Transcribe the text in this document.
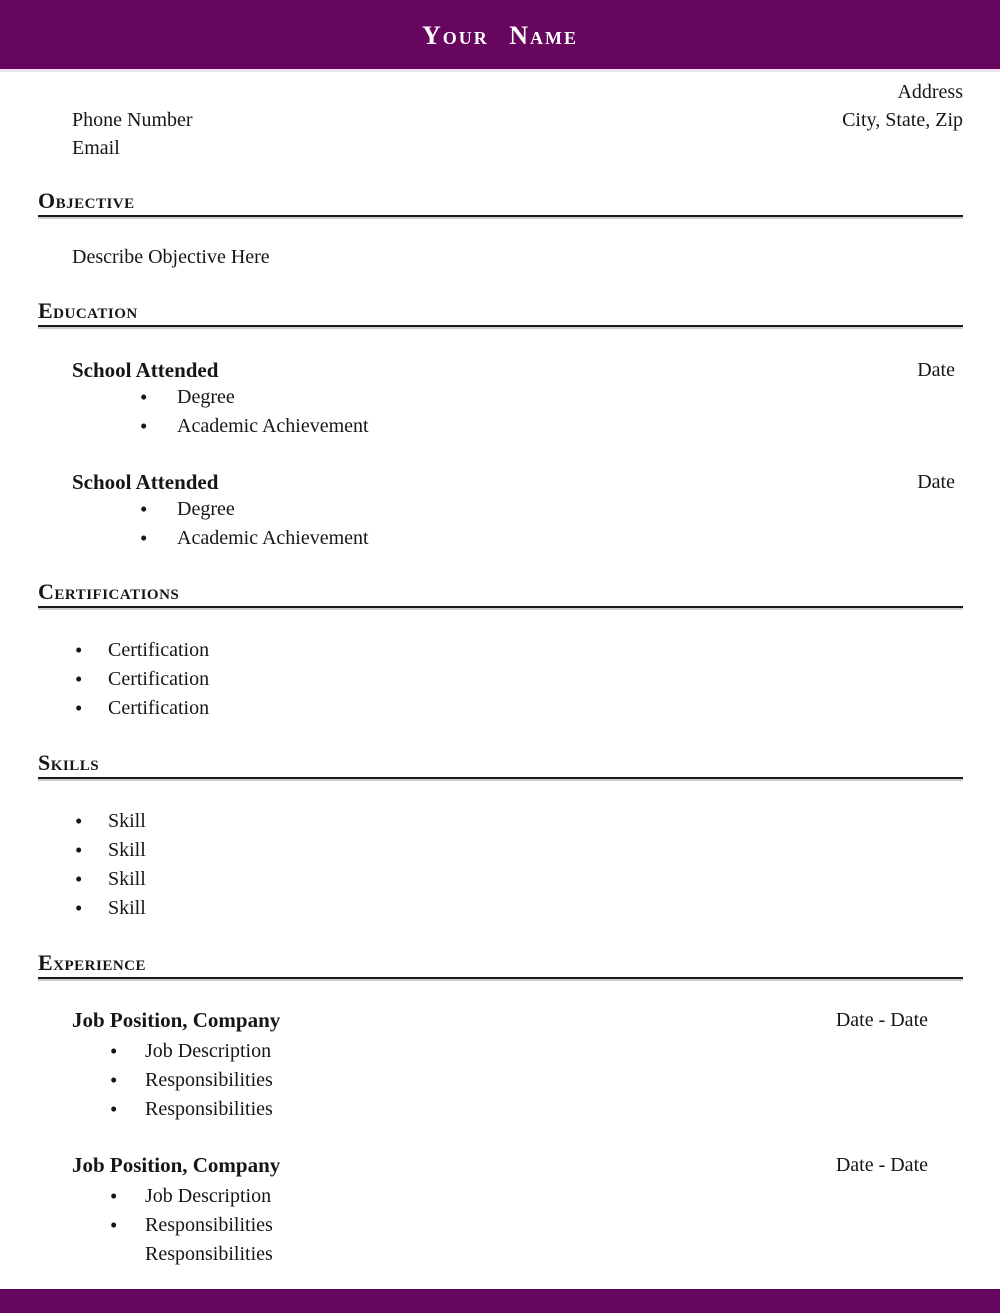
Your Name
Address
Phone Number	City, State, Zip
Email
Objective

Describe Objective Here

Education
School Attended	Date
• Degree
• Academic Achievement
School Attended	Date
• Degree
• Academic Achievement
Certifications
• Certification
• Certification
• Certification
Skills
• Skill
• Skill
• Skill
• Skill
Experience
Job Position, Company	Date - Date
• Job Description
• Responsibilities
• Responsibilities
Job Position, Company	Date - Date
• Job Description
• Responsibilities
Responsibilities
